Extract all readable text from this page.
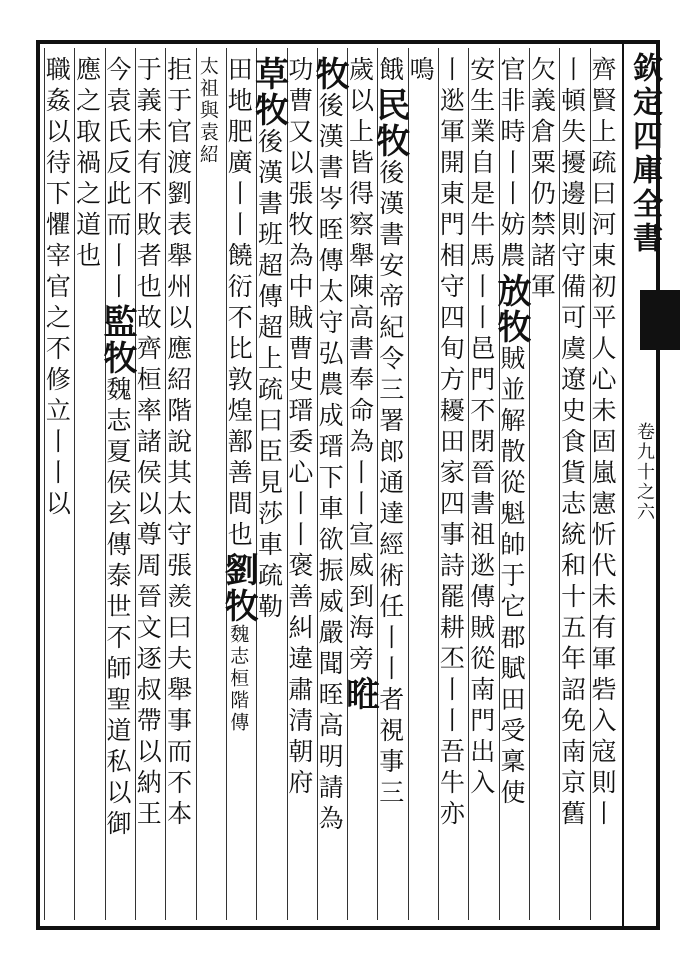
欽定四庫全書
卷九十之六
齊賢上疏曰河東初平人心未固嵐憲忻代未有軍砦入寇則丨
丨頓失擾邊則守備可虞遼史食貨志統和十五年詔免南京舊
欠義倉粟仍禁諸軍
官非時丨丨妨農放牧賊並解散從魁帥于它郡賦田受稟使
安生業自是牛馬丨丨邑門不閉晉書祖逖傳賊從南門出入
丨逖軍開東門相守四旬方耰田家四事詩罷耕丕丨丨吾牛亦
鳴
餓民牧後漢書安帝紀令三署郎通達經術任丨丨者視事三
歲以上皆得察舉陳高書奉命為丨丨宣威到海旁暀
牧後漢書岑晊傳太守弘農成瑨下車欲振威嚴聞晊高明請為
功曹又以張牧為中賊曹史瑨委心丨丨褒善糾違肅清朝府
草牧後漢書班超傳超上疏曰臣見莎車疏勒
田地肥廣丨丨饒衍不比敦煌鄯善間也劉牧魏志桓階傳
太祖與袁紹
拒于官渡劉表舉州以應紹階說其太守張羨曰夫舉事而不本
于義未有不敗者也故齊桓率諸侯以尊周晉文逐叔帶以納王
今袁氏反此而丨丨監牧魏志夏侯玄傳泰世不師聖道私以御
應之取禍之道也
職姦以待下懼宰官之不修立丨丨以
